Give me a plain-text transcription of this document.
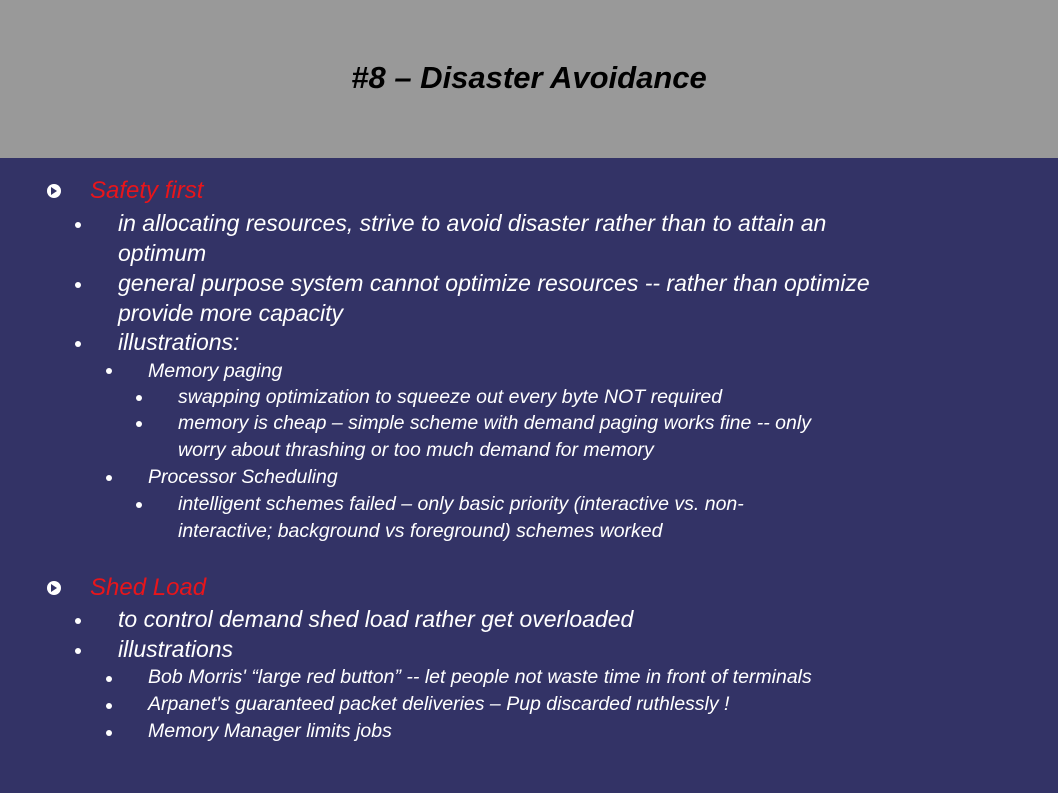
#8 – Disaster Avoidance
Safety first
in allocating resources, strive to avoid disaster rather than to attain an
optimum
general purpose system cannot optimize resources -- rather than optimize
provide more capacity
illustrations:
Memory paging
swapping optimization to squeeze out every byte NOT required
memory is cheap – simple scheme with demand paging works fine -- only
worry about thrashing or too much demand for memory
Processor Scheduling
intelligent schemes failed – only basic priority (interactive vs. non-
interactive; background vs foreground) schemes worked
Shed Load
to control demand shed load rather get overloaded
illustrations
Bob Morris' “large red button” -- let people not waste time in front of terminals
Arpanet's guaranteed packet deliveries – Pup discarded ruthlessly !
Memory Manager limits jobs
